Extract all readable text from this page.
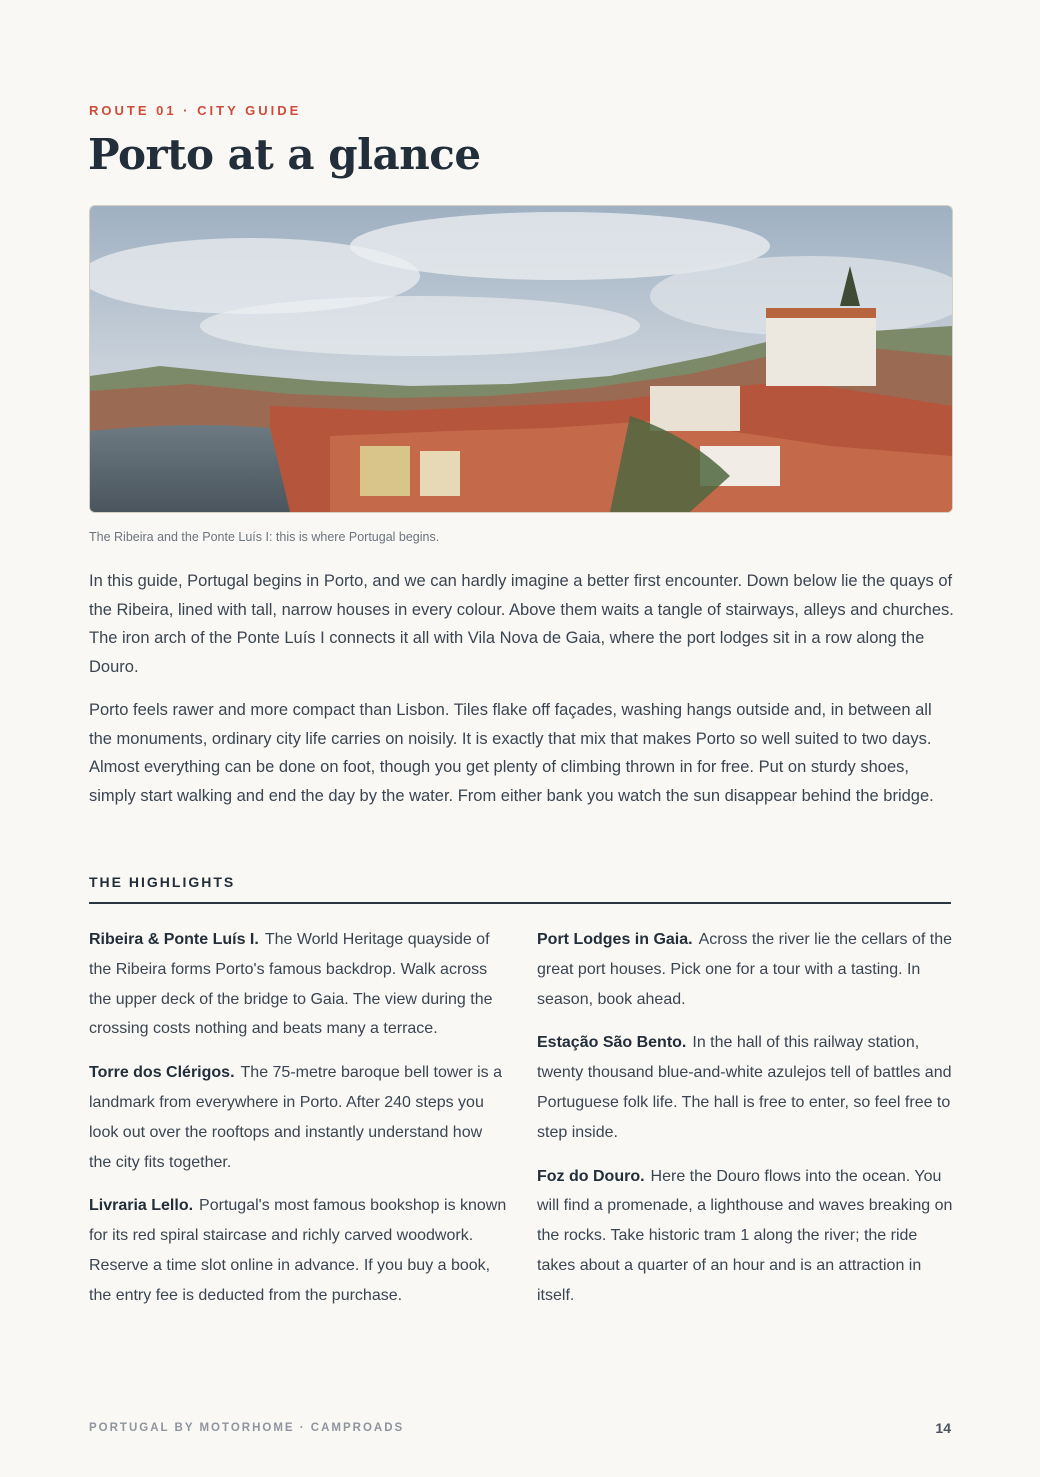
ROUTE 01 · CITY GUIDE
Porto at a glance
The Ribeira and the Ponte Luís I: this is where Portugal begins.

In this guide, Portugal begins in Porto, and we can hardly imagine a better first encounter. Down below lie the quays of the Ribeira, lined with tall, narrow houses in every colour. Above them waits a tangle of stairways, alleys and churches. The iron arch of the Ponte Luís I connects it all with Vila Nova de Gaia, where the port lodges sit in a row along the Douro.

Porto feels rawer and more compact than Lisbon. Tiles flake off façades, washing hangs outside and, in between all the monuments, ordinary city life carries on noisily. It is exactly that mix that makes Porto so well suited to two days. Almost everything can be done on foot, though you get plenty of climbing thrown in for free. Put on sturdy shoes, simply start walking and end the day by the water. From either bank you watch the sun disappear behind the bridge.

THE HIGHLIGHTS

Ribeira & Ponte Luís I. The World Heritage quayside of the Ribeira forms Porto's famous backdrop. Walk across the upper deck of the bridge to Gaia. The view during the crossing costs nothing and beats many a terrace.

Torre dos Clérigos. The 75-metre baroque bell tower is a landmark from everywhere in Porto. After 240 steps you look out over the rooftops and instantly understand how the city fits together.

Livraria Lello. Portugal's most famous bookshop is known for its red spiral staircase and richly carved woodwork. Reserve a time slot online in advance. If you buy a book, the entry fee is deducted from the purchase.

Port Lodges in Gaia. Across the river lie the cellars of the great port houses. Pick one for a tour with a tasting. In season, book ahead.

Estação São Bento. In the hall of this railway station, twenty thousand blue-and-white azulejos tell of battles and Portuguese folk life. The hall is free to enter, so feel free to step inside.

Foz do Douro. Here the Douro flows into the ocean. You will find a promenade, a lighthouse and waves breaking on the rocks. Take historic tram 1 along the river; the ride takes about a quarter of an hour and is an attraction in itself.

PORTUGAL BY MOTORHOME · CAMPROADS	14
